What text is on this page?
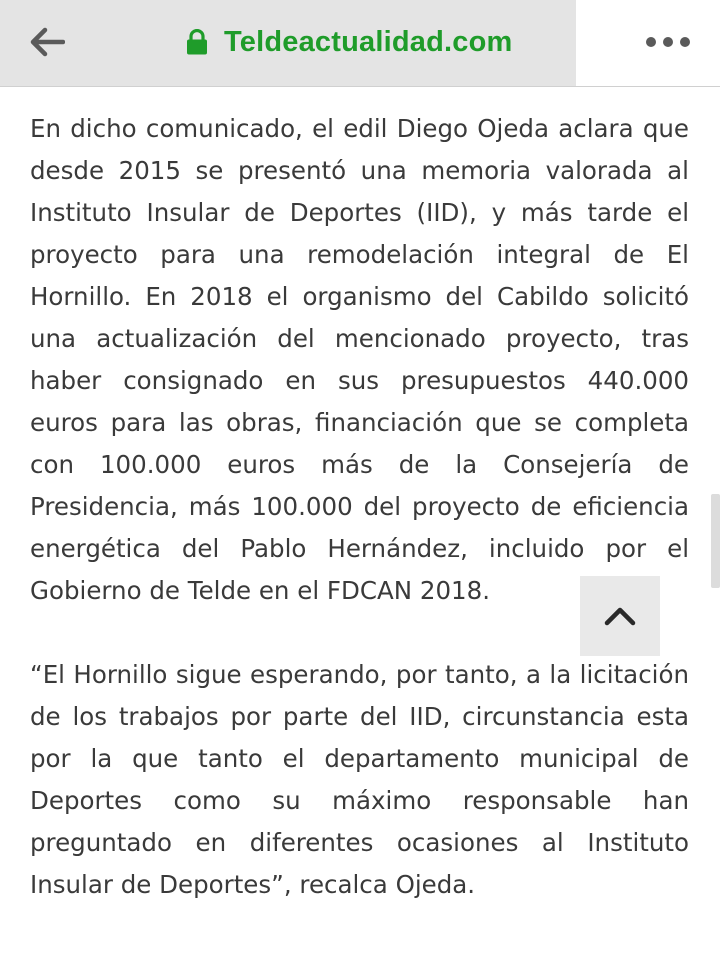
Teldeactualidad.com

En dicho comunicado, el edil Diego Ojeda aclara que desde 2015 se presentó una memoria valorada al Instituto Insular de Deportes (IID), y más tarde el proyecto para una remodelación integral de El Hornillo. En 2018 el organismo del Cabildo solicitó una actualización del mencionado proyecto, tras haber consignado en sus presupuestos 440.000 euros para las obras, financiación que se completa con 100.000 euros más de la Consejería de Presidencia, más 100.000 del proyecto de eficiencia energética del Pablo Hernández, incluido por el Gobierno de Telde en el FDCAN 2018.

“El Hornillo sigue esperando, por tanto, a la licitación de los trabajos por parte del IID, circunstancia esta por la que tanto el departamento municipal de Deportes como su máximo responsable han preguntado en diferentes ocasiones al Instituto Insular de Deportes”, recalca Ojeda.
